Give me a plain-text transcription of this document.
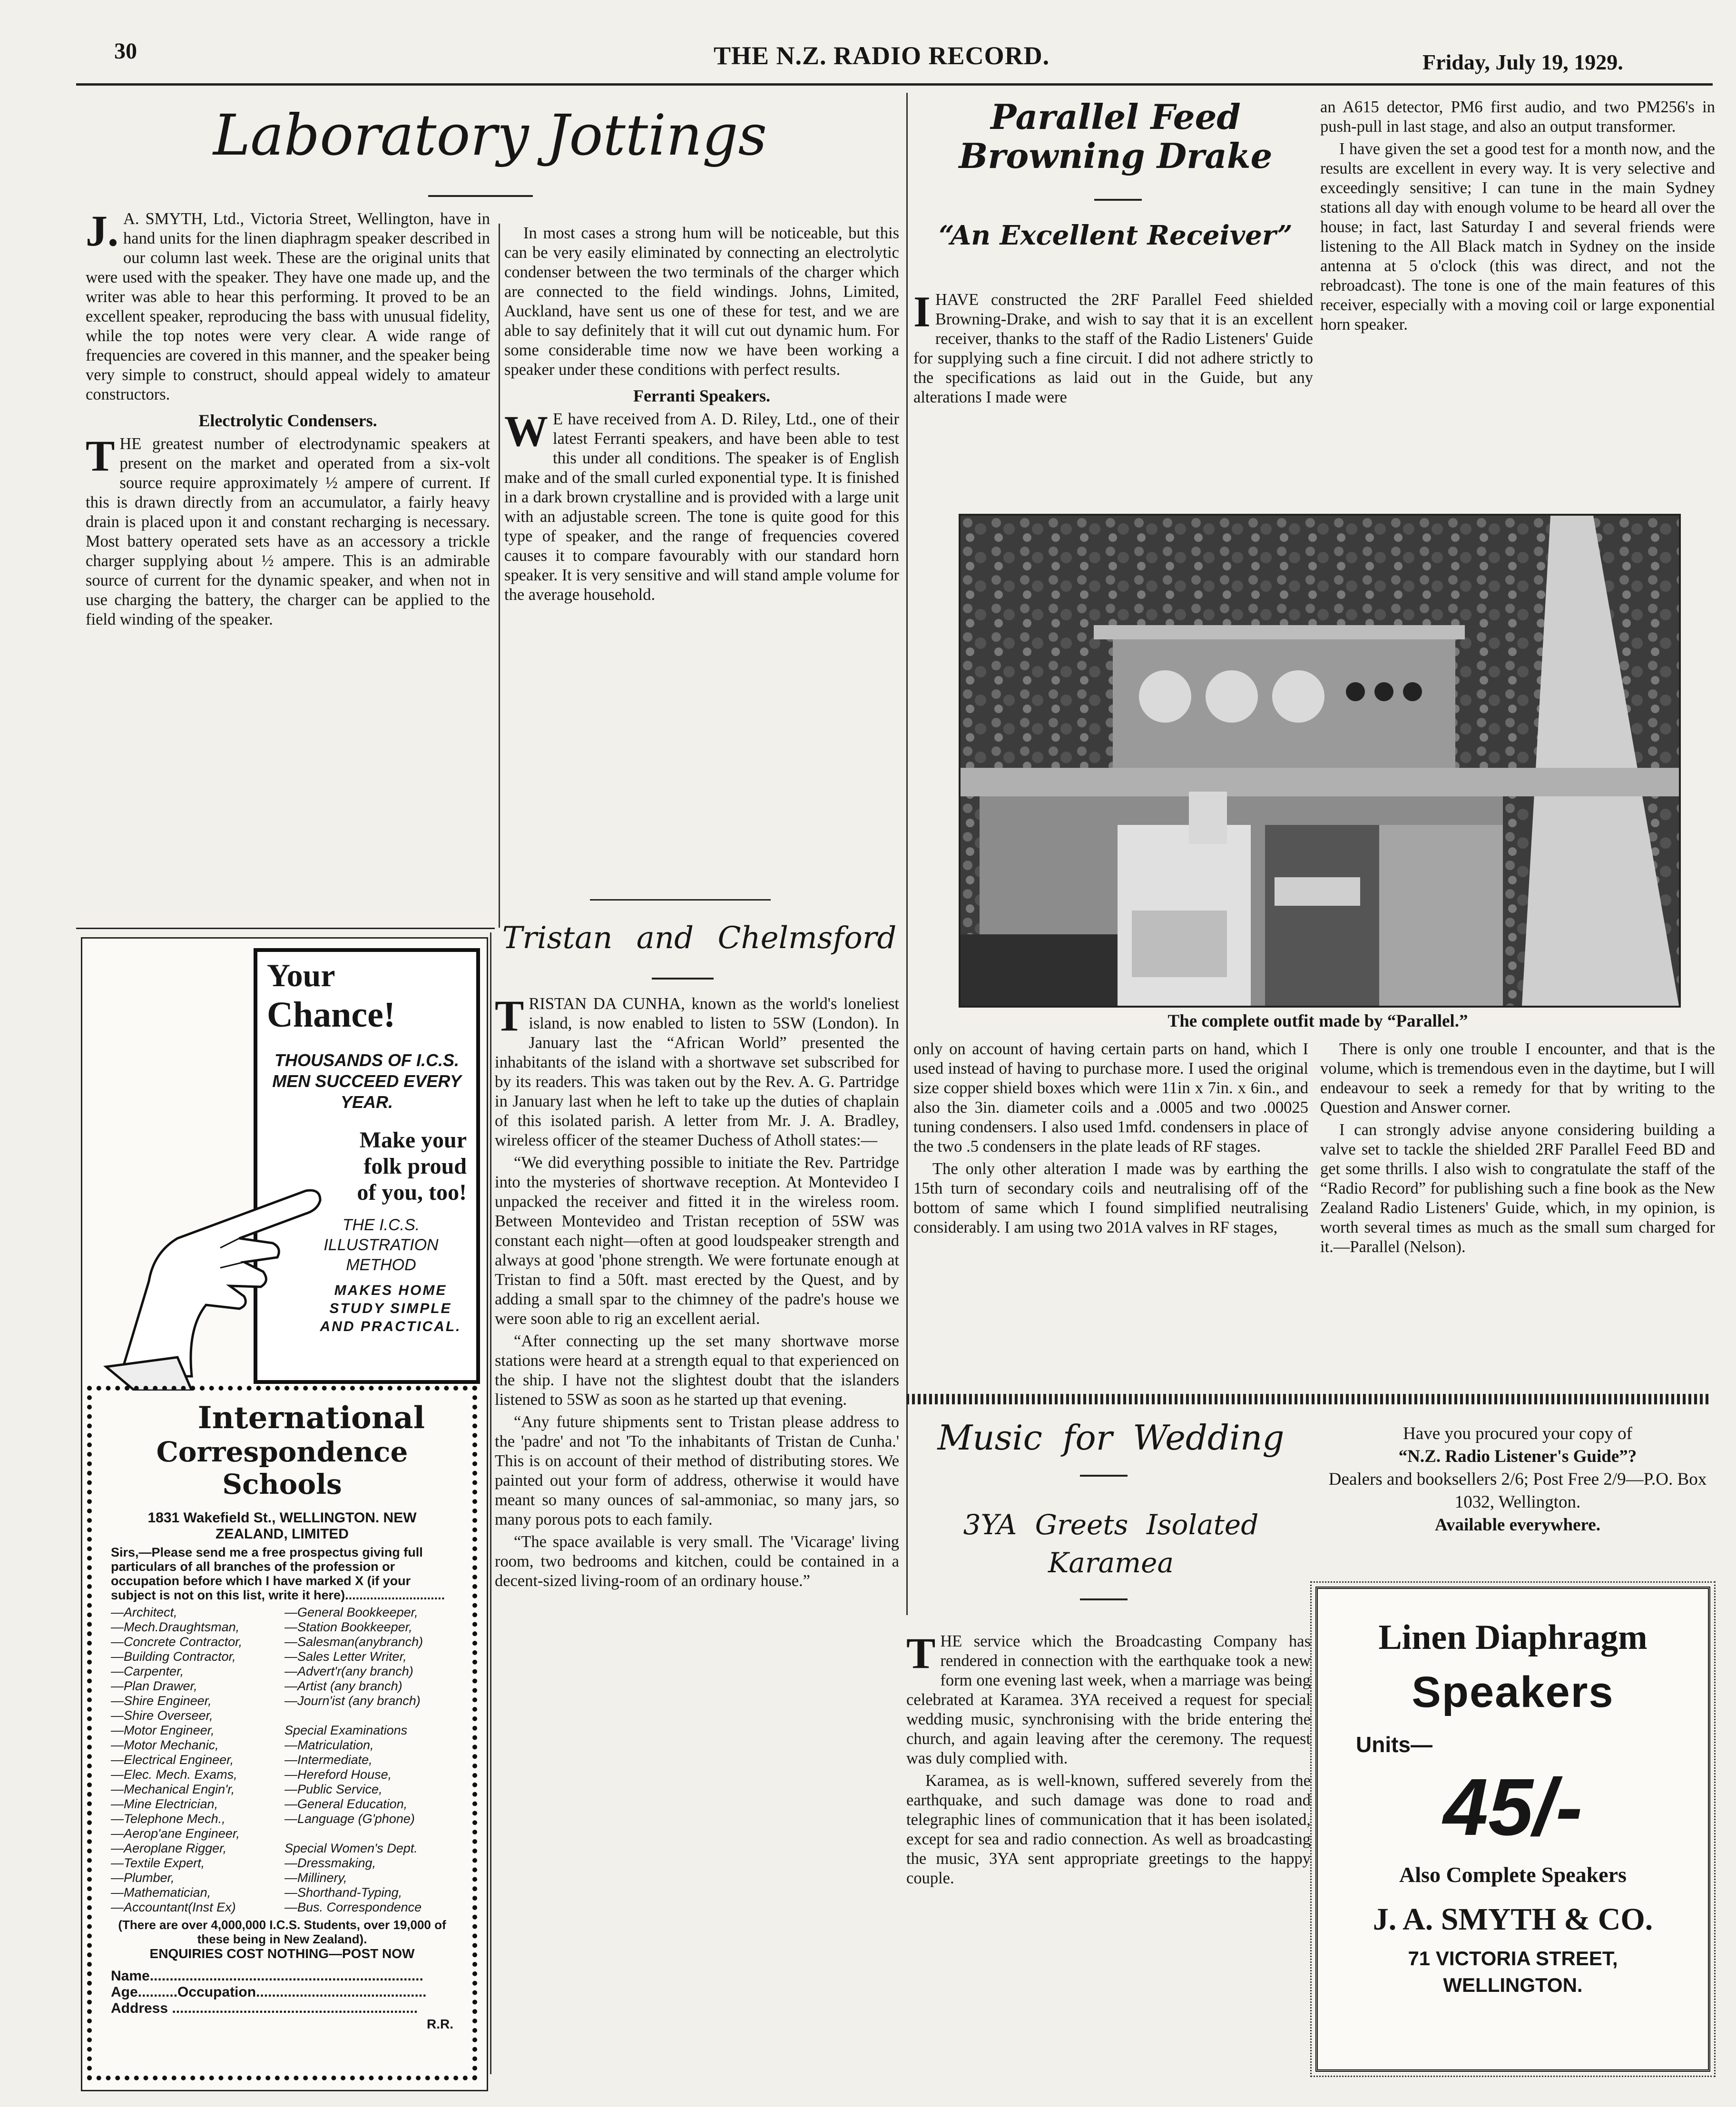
30	THE N.Z. RADIO RECORD.	Friday, July 19, 1929.
Laboratory Jottings

J. A. SMYTH, Ltd., Victoria Street, Wellington, have in hand units for the linen diaphragm speaker described in our column last week. These are the original units that were used with the speaker. They have one made up, and the writer was able to hear this performing. It proved to be an excellent speaker, reproducing the bass with unusual fidelity, while the top notes were very clear. A wide range of frequencies are covered in this manner, and the speaker being very simple to construct, should appeal widely to amateur constructors.

Electrolytic Condensers.

THE greatest number of electrodynamic speakers at present on the market and operated from a six-volt source require approximately ½ ampere of current. If this is drawn directly from an accumulator, a fairly heavy drain is placed upon it and constant recharging is necessary. Most battery operated sets have as an accessory a trickle charger supplying about ½ ampere. This is an admirable source of current for the dynamic speaker, and when not in use charging the battery, the charger can be applied to the field winding of the speaker.

In most cases a strong hum will be noticeable, but this can be very easily eliminated by connecting an electrolytic condenser between the two terminals of the charger which are connected to the field windings. Johns, Limited, Auckland, have sent us one of these for test, and we are able to say definitely that it will cut out dynamic hum. For some considerable time now we have been working a speaker under these conditions with perfect results.

Ferranti Speakers.

W E have received from A. D. Riley, Ltd., one of their latest Ferranti speakers, and have been able to test this under all conditions. The speaker is of English make and of the small curled exponential type. It is finished in a dark brown crystalline and is provided with a large unit with an adjustable screen. The tone is quite good for this type of speaker, and the range of frequencies covered causes it to compare favourably with our standard horn speaker. It is very sensitive and will stand ample volume for the average household.

Parallel Feed Browning Drake
“An Excellent Receiver”

IHAVE constructed the 2RF Parallel Feed shielded Browning-Drake, and wish to say that it is an excellent receiver, thanks to the staff of the Radio Listeners' Guide for supplying such a fine circuit. I did not adhere strictly to the specifications as laid out in the Guide, but any alterations I made were

an A615 detector, PM6 first audio, and two PM256's in push-pull in last stage, and also an output transformer.

I have given the set a good test for a month now, and the results are excellent in every way. It is very selective and exceedingly sensitive; I can tune in the main Sydney stations all day with enough volume to be heard all over the house; in fact, last Saturday I and several friends were listening to the All Black match in Sydney on the inside antenna at 5 o'clock (this was direct, and not the rebroadcast). The tone is one of the main features of this receiver, especially with a moving coil or large exponential horn speaker.

The complete outfit made by “Parallel.”

only on account of having certain parts on hand, which I used instead of having to purchase more. I used the original size copper shield boxes which were 11in x 7in. x 6in., and also the 3in. diameter coils and a .0005 and two .00025 tuning condensers. I also used 1mfd. condensers in place of the two .5 condensers in the plate leads of RF stages.

The only other alteration I made was by earthing the 15th turn of secondary coils and neutralising off of the bottom of same which I found simplified neutralising considerably. I am using two 201A valves in RF stages,

There is only one trouble I encounter, and that is the volume, which is tremendous even in the daytime, but I will endeavour to seek a remedy for that by writing to the Question and Answer corner.

I can strongly advise anyone considering building a valve set to tackle the shielded 2RF Parallel Feed BD and get some thrills. I also wish to congratulate the staff of the “Radio Record” for publishing such a fine book as the New Zealand Radio Listeners' Guide, which, in my opinion, is worth several times as much as the small sum charged for it.—Parallel (Nelson).

Tristan and Chelmsford

TRISTAN DA CUNHA, known as the world's loneliest island, is now enabled to listen to 5SW (London). In January last the “African World” presented the inhabitants of the island with a shortwave set subscribed for by its readers. This was taken out by the Rev. A. G. Partridge in January last when he left to take up the duties of chaplain of this isolated parish. A letter from Mr. J. A. Bradley, wireless officer of the steamer Duchess of Atholl states:—

“We did everything possible to initiate the Rev. Partridge into the mysteries of shortwave reception. At Montevideo I unpacked the receiver and fitted it in the wireless room. Between Montevideo and Tristan reception of 5SW was constant each night—often at good loudspeaker strength and always at good 'phone strength. We were fortunate enough at Tristan to find a 50ft. mast erected by the Quest, and by adding a small spar to the chimney of the padre's house we were soon able to rig an excellent aerial.

“After connecting up the set many shortwave morse stations were heard at a strength equal to that experienced on the ship. I have not the slightest doubt that the islanders listened to 5SW as soon as he started up that evening.

“Any future shipments sent to Tristan please address to the 'padre' and not 'To the inhabitants of Tristan de Cunha.' This is on account of their method of distributing stores. We painted out your form of address, otherwise it would have meant so many ounces of sal-ammoniac, so many jars, so many porous pots to each family.

“The space available is very small. The 'Vicarage' living room, two bedrooms and kitchen, could be contained in a decent-sized living-room of an ordinary house.”

Music for Wedding
3YA Greets Isolated Karamea

THE service which the Broadcasting Company has rendered in connection with the earthquake took a new form one evening last week, when a marriage was being celebrated at Karamea. 3YA received a request for special wedding music, synchronising with the bride entering the church, and again leaving after the ceremony. The request was duly complied with.

Karamea, as is well-known, suffered severely from the earthquake, and such damage was done to road and telegraphic lines of communication that it has been isolated, except for sea and radio connection. As well as broadcasting the music, 3YA sent appropriate greetings to the happy couple.

Have you procured your copy of
“N.Z. Radio Listener's Guide”?
Dealers and booksellers 2/6; Post Free 2/9—P.O. Box 1032, Wellington.
Available everywhere.
Linen Diaphragm
Speakers
Units—
45/-
Also Complete Speakers
J. A. SMYTH & CO.
71 VICTORIA STREET,
WELLINGTON.
Your
Chance!
THOUSANDS OF I.C.S. MEN SUCCEED EVERY YEAR.
Make your
folk proud
of you, too!
THE I.C.S. ILLUSTRATION METHOD
MAKES HOME STUDY SIMPLE AND PRACTICAL.
International
Correspondence Schools
1831 Wakefield St., WELLINGTON. NEW ZEALAND, LIMITED
Sirs,—Please send me a free prospectus giving full particulars of all branches of the profession or occupation before which I have marked X (if your subject is not on this list, write it here)............................
—Architect,	—General Bookkeeper,
—Mech.Draughtsman,	—Station Bookkeeper,
—Concrete Contractor,	—Salesman(anybranch)
—Building Contractor,	—Sales Letter Writer,
—Carpenter,	—Advert'r(any branch)
—Plan Drawer,	—Artist (any branch)
—Shire Engineer,	—Journ'ist (any branch)
—Shire Overseer,
—Motor Engineer,	Special Examinations
—Motor Mechanic,	—Matriculation,
—Electrical Engineer,	—Intermediate,
—Elec. Mech. Exams,	—Hereford House,
—Mechanical Engin'r,	—Public Service,
—Mine Electrician,	—General Education,
—Telephone Mech.,	—Language (G'phone)
—Aerop'ane Engineer,
—Aeroplane Rigger,	Special Women's Dept.
—Textile Expert,	—Dressmaking,
—Plumber,	—Millinery,
—Mathematician,	—Shorthand-Typing,
—Accountant(Inst Ex)	—Bus. Correspondence
(There are over 4,000,000 I.C.S. Students, over 19,000 of these being in New Zealand).
ENQUIRIES COST NOTHING—POST NOW
Name.....................................................................
Age..........Occupation...........................................
Address ..............................................................
R.R.
